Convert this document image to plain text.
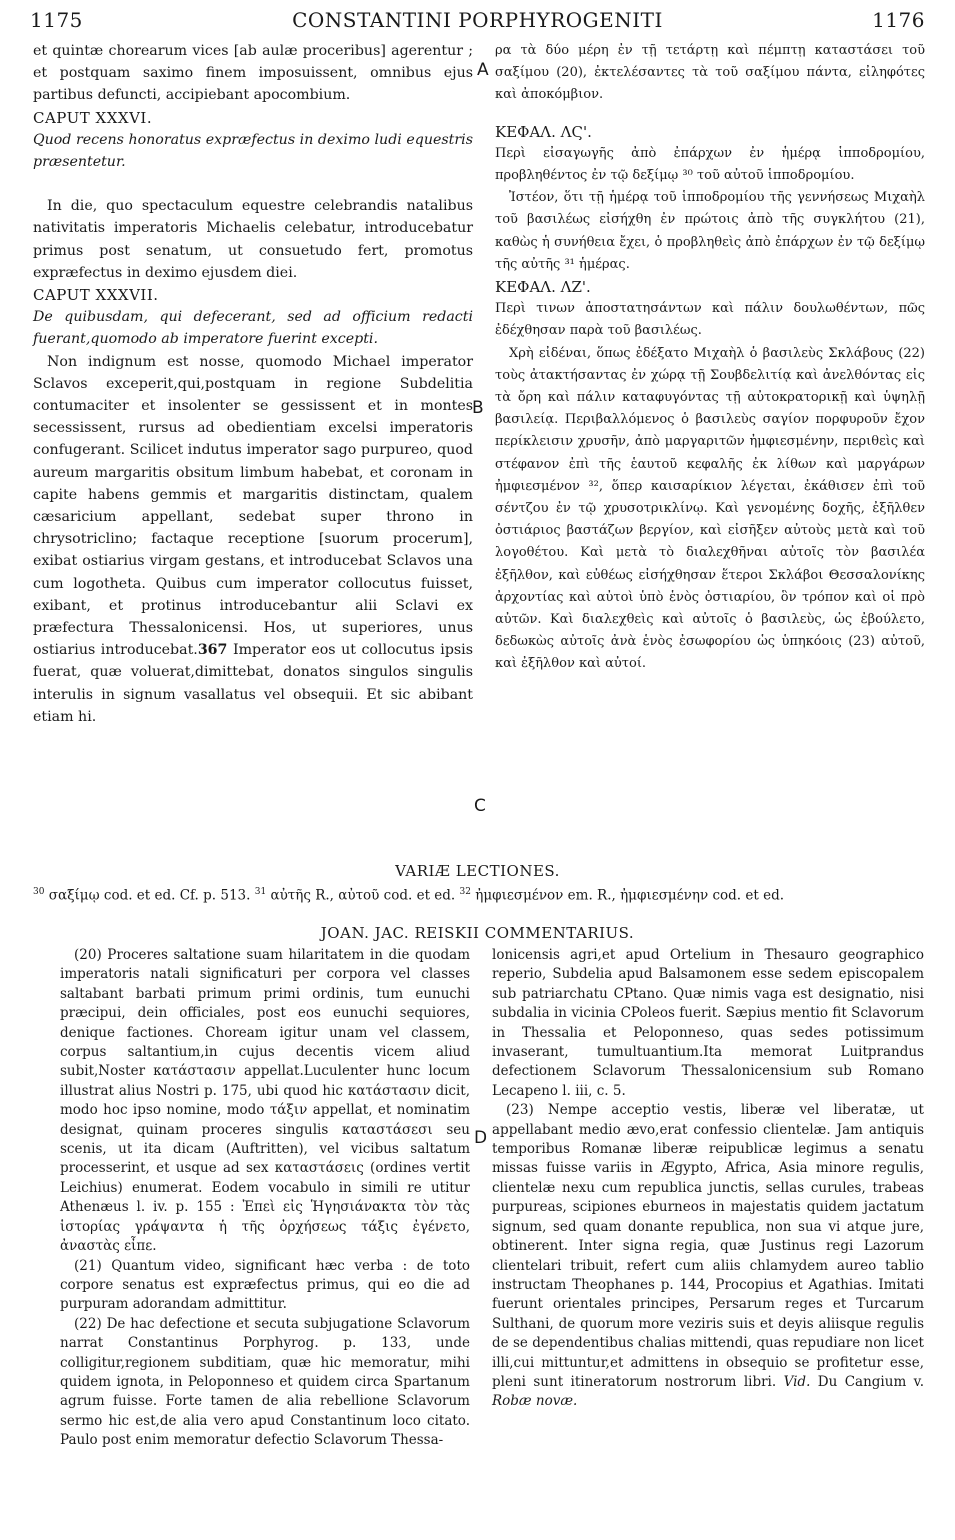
1175	CONSTANTINI PORPHYROGENITI	1176

et quintæ chorearum vices [ab aulæ proceribus] agerentur ; et postquam saximo finem imposuissent, omnibus ejus partibus defuncti, accipiebant apocombium.

CAPUT XXXVI.

Quod recens honoratus expræfectus in deximo ludi equestris præsentetur.

In die, quo spectaculum equestre celebrandis natalibus nativitatis imperatoris Michaelis celebatur, introducebatur primus post senatum, ut consuetudo fert, promotus expræfectus in deximo ejusdem diei.

CAPUT XXXVII.

De quibusdam, qui defecerant, sed ad officium redacti fuerant,quomodo ab imperatore fuerint excepti.

Non indignum est nosse, quomodo Michael imperator Sclavos exceperit,qui,postquam in regione Subdelitia contumaciter et insolenter se gessissent et in montes secessissent, rursus ad obedientiam excelsi imperatoris confugerant. Scilicet indutus imperator sago purpureo, quod aureum margaritis obsitum limbum habebat, et coronam in capite habens gemmis et margaritis distinctam, qualem cæsaricium appellant, sedebat super throno in chrysotriclino; factaque receptione [suorum procerum], exibat ostiarius virgam gestans, et introducebat Sclavos una cum logotheta. Quibus cum imperator collocutus fuisset, exibant, et protinus introducebantur alii Sclavi ex præfectura Thessalonicensi. Hos, ut superiores, unus ostiarius introducebat.367 Imperator eos ut collocutus ipsis fuerat, quæ voluerat,dimittebat, donatos singulos singulis interulis in signum vasallatus vel obsequii. Et sic abibant etiam hi.

A
B
C
D

ρα τὰ δύο μέρη ἐν τῇ τετάρτῃ καὶ πέμπτῃ καταστάσει τοῦ σαξίμου (20), ἐκτελέσαντες τὰ τοῦ σαξίμου πάντα, εἰληφότες καὶ ἀποκόμβιον.

ΚΕΦΑΛ. ΛϚ'.

Περὶ εἰσαγωγῆς ἀπὸ ἐπάρχων ἐν ἡμέρᾳ ἱπποδρομίου, προβληθέντος ἐν τῷ δεξίμῳ ³⁰ τοῦ αὐτοῦ ἱπποδρομίου.

Ἰστέον, ὅτι τῇ ἡμέρᾳ τοῦ ἱπποδρομίου τῆς γεννήσεως Μιχαὴλ τοῦ βασιλέως εἰσήχθη ἐν πρώτοις ἀπὸ τῆς συγκλήτου (21), καθὼς ἡ συνήθεια ἔχει, ὁ προβληθεὶς ἀπὸ ἐπάρχων ἐν τῷ δεξίμῳ τῆς αὐτῆς ³¹ ἡμέρας.

ΚΕΦΑΛ. ΛΖ'.

Περὶ τινων ἀποστατησάντων καὶ πάλιν δουλωθέντων, πῶς ἐδέχθησαν παρὰ τοῦ βασιλέως.

Χρὴ εἰδέναι, ὅπως ἐδέξατο Μιχαὴλ ὁ βασιλεὺς Σκλάβους (22) τοὺς ἀτακτήσαντας ἐν χώρᾳ τῇ Σουβδελιτίᾳ καὶ ἀνελθόντας εἰς τὰ ὄρη καὶ πάλιν καταφυγόντας τῇ αὐτοκρατορικῇ καὶ ὑψηλῇ βασιλείᾳ. Περιβαλλόμενος ὁ βασιλεὺς σαγίον πορφυροῦν ἔχον περίκλεισιν χρυσῆν, ἀπὸ μαργαριτῶν ἠμφιεσμένην, περιθεὶς καὶ στέφανον ἐπὶ τῆς ἑαυτοῦ κεφαλῆς ἐκ λίθων καὶ μαργάρων ἠμφιεσμένον ³², ὅπερ καισαρίκιον λέγεται, ἐκάθισεν ἐπὶ τοῦ σέντζου ἐν τῷ χρυσοτρικλίνῳ. Καὶ γενομένης δοχῆς, ἐξῆλθεν ὀστιάριος βαστάζων βεργίον, καὶ εἰσῆξεν αὐτοὺς μετὰ καὶ τοῦ λογοθέτου. Καὶ μετὰ τὸ διαλεχθῆναι αὐτοῖς τὸν βασιλέα ἐξῆλθον, καὶ εὐθέως εἰσήχθησαν ἕτεροι Σκλάβοι Θεσσαλονίκης ἀρχοντίας καὶ αὐτοὶ ὑπὸ ἑνὸς ὀστιαρίου, ὃν τρόπον καὶ οἱ πρὸ αὐτῶν. Καὶ διαλεχθεὶς καὶ αὐτοῖς ὁ βασιλεὺς, ὡς ἐβούλετο, δεδωκὼς αὐτοῖς ἀνὰ ἑνὸς ἐσωφορίου ὡς ὑπηκόοις (23) αὐτοῦ, καὶ ἐξῆλθον καὶ αὐτοί.

VARIÆ LECTIONES.
$^{30}$ σαξίμῳ cod. et ed. Cf. p. 513. $^{31}$ αὐτῆς R., αὐτοῦ cod. et ed. $^{32}$ ἠμφιεσμένον em. R., ἠμφιεσμένην cod. et ed.
JOAN. JAC. REISKII COMMENTARIUS.

(20) Proceres saltatione suam hilaritatem in die quodam imperatoris natali significaturi per corpora vel classes saltabant barbati primum primi ordinis, tum eunuchi præcipui, dein officiales, post eos eunuchi sequiores, denique factiones. Choream igitur unam vel classem, corpus saltantium,in cujus decentis vicem aliud subit,Noster κατάστασιν appellat.Luculenter hunc locum illustrat alius Nostri p. 175, ubi quod hic κατάστασιν dicit, modo hoc ipso nomine, modo τάξιν appellat, et nominatim designat, quinam proceres singulis καταστάσεσι seu scenis, ut ita dicam (Auftritten), vel vicibus saltatum processerint, et usque ad sex καταστάσεις (ordines vertit Leichius) enumerat. Eodem vocabulo in simili re utitur Athenæus l. iv. p. 155 : Ἐπεὶ εἰς Ἡγησιάνακτα τὸν τὰς ἱστορίας γράψαντα ἡ τῆς ὀρχήσεως τάξις ἐγένετο, ἀναστὰς εἶπε.

(21) Quantum video, significant hæc verba : de toto corpore senatus est expræfectus primus, qui eo die ad purpuram adorandam admittitur.

(22) De hac defectione et secuta subjugatione Sclavorum narrat Constantinus Porphyrog. p. 133, unde colligitur,regionem subditiam, quæ hic memoratur, mihi quidem ignota, in Peloponneso et quidem circa Spartanum agrum fuisse. Forte tamen de alia rebellione Sclavorum sermo hic est,de alia vero apud Constantinum loco citato. Paulo post enim memoratur defectio Sclavorum Thessa-

lonicensis agri,et apud Ortelium in Thesauro geographico reperio, Subdelia apud Balsamonem esse sedem episcopalem sub patriarchatu CPtano. Quæ nimis vaga est designatio, nisi subdalia in vicinia CPoleos fuerit. Sæpius mentio fit Sclavorum in Thessalia et Peloponneso, quas sedes potissimum invaserant, tumultuantium.Ita memorat Luitprandus defectionem Sclavorum Thessalonicensium sub Romano Lecapeno l. iii, c. 5.

(23) Nempe acceptio vestis, liberæ vel liberatæ, ut appellabant medio ævo,erat confessio clientelæ. Jam antiquis temporibus Romanæ liberæ reipublicæ legimus a senatu missas fuisse variis in Ægypto, Africa, Asia minore regulis, clientelæ nexu cum republica junctis, sellas curules, trabeas purpureas, scipiones eburneos in majestatis quidem jactatum signum, sed quam donante republica, non sua vi atque jure, obtinerent. Inter signa regia, quæ Justinus regi Lazorum clientelari tribuit, refert cum aliis chlamydem aureo tablio instructam Theophanes p. 144, Procopius et Agathias. Imitati fuerunt orientales principes, Persarum reges et Turcarum Sulthani, de quorum more veziris suis et deyis aliisque regulis de se dependentibus chalias mittendi, quas repudiare non licet illi,cui mittuntur,et admittens in obsequio se profitetur esse, pleni sunt itineratorum nostrorum libri. Vid. Du Cangium v. Robæ novæ.
